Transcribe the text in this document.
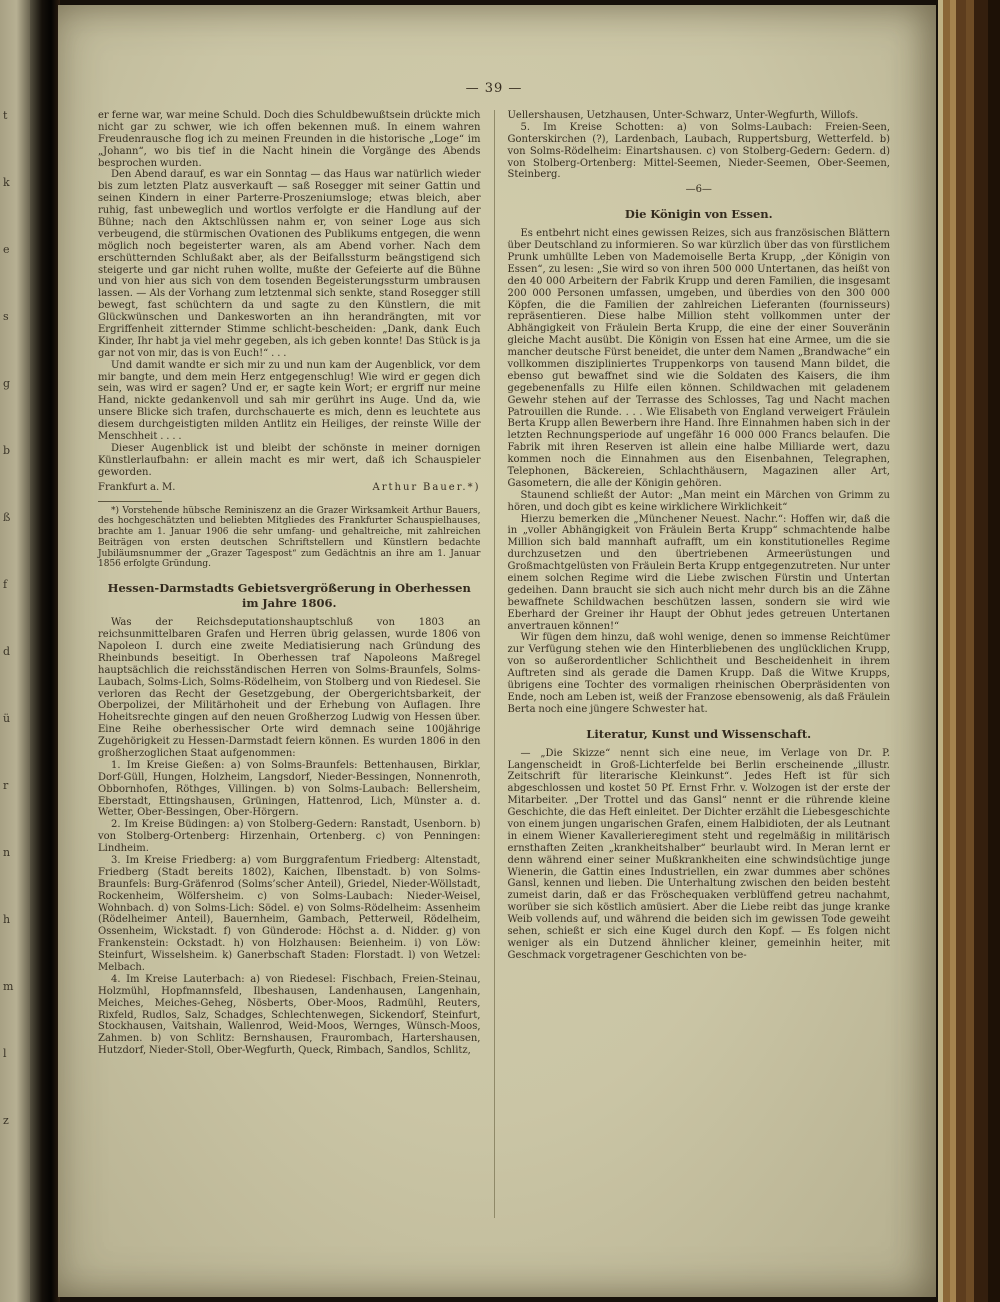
t
k
e
s
g
b
ß
f
d
ü
r
n
h
m
l
z
— 39 —

er ferne war, war meine Schuld. Doch dies Schuldbewußtsein drückte mich nicht gar zu schwer, wie ich offen bekennen muß. In einem wahren Freudenrausche flog ich zu meinen Freunden in die historische „Loge“ im „Johann“, wo bis tief in die Nacht hinein die Vorgänge des Abends besprochen wurden.

Den Abend darauf, es war ein Sonntag — das Haus war natürlich wieder bis zum letzten Platz ausverkauft — saß Rosegger mit seiner Gattin und seinen Kindern in einer Parterre-Proszeniumsloge; etwas bleich, aber ruhig, fast unbeweglich und wortlos verfolgte er die Handlung auf der Bühne; nach den Aktschlüssen nahm er, von seiner Loge aus sich verbeugend, die stürmischen Ovationen des Publikums entgegen, die wenn möglich noch begeisterter waren, als am Abend vorher. Nach dem erschütternden Schlußakt aber, als der Beifallssturm beängstigend sich steigerte und gar nicht ruhen wollte, mußte der Gefeierte auf die Bühne und von hier aus sich von dem tosenden Begeisterungssturm umbrausen lassen. — Als der Vorhang zum letztenmal sich senkte, stand Rosegger still bewegt, fast schüchtern da und sagte zu den Künstlern, die mit Glückwünschen und Dankesworten an ihn herandrängten, mit vor Ergriffenheit zitternder Stimme schlicht-bescheiden: „Dank, dank Euch Kinder, Ihr habt ja viel mehr gegeben, als ich geben konnte! Das Stück is ja gar not von mir, das is von Euch!“ . . .

Und damit wandte er sich mir zu und nun kam der Augenblick, vor dem mir bangte, und dem mein Herz entgegenschlug! Wie wird er gegen dich sein, was wird er sagen? Und er, er sagte kein Wort; er ergriff nur meine Hand, nickte gedankenvoll und sah mir gerührt ins Auge. Und da, wie unsere Blicke sich trafen, durchschauerte es mich, denn es leuchtete aus diesem durchgeistigten milden Antlitz ein Heiliges, der reinste Wille der Menschheit . . . .

Dieser Augenblick ist und bleibt der schönste in meiner dornigen Künstlerlaufbahn: er allein macht es mir wert, daß ich Schauspieler geworden.

Frankfurt a. M.	Arthur Bauer.*)
*) Vorstehende hübsche Reminiszenz an die Grazer Wirksamkeit Arthur Bauers, des hochgeschätzten und beliebten Mitgliedes des Frankfurter Schauspielhauses, brachte am 1. Januar 1906 die sehr umfang- und gehaltreiche, mit zahlreichen Beiträgen von ersten deutschen Schriftstellern und Künstlern bedachte Jubiläumsnummer der „Grazer Tagespost“ zum Gedächtnis an ihre am 1. Januar 1856 erfolgte Gründung.
Hessen-Darmstadts Gebietsvergrößerung in Oberhessen
im Jahre 1806.

Was der Reichsdeputationshauptschluß von 1803 an reichsunmittelbaren Grafen und Herren übrig gelassen, wurde 1806 von Napoleon I. durch eine zweite Mediatisierung nach Gründung des Rheinbunds beseitigt. In Oberhessen traf Napoleons Maßregel hauptsächlich die reichsständischen Herren von Solms-Braunfels, Solms-Laubach, Solms-Lich, Solms-Rödelheim, von Stolberg und von Riedesel. Sie verloren das Recht der Gesetzgebung, der Obergerichtsbarkeit, der Oberpolizei, der Militärhoheit und der Erhebung von Auflagen. Ihre Hoheitsrechte gingen auf den neuen Großherzog Ludwig von Hessen über. Eine Reihe oberhessischer Orte wird demnach seine 100jährige Zugehörigkeit zu Hessen-Darmstadt feiern können. Es wurden 1806 in den großherzoglichen Staat aufgenommen:

1. Im Kreise Gießen: a) von Solms-Braunfels: Bettenhausen, Birklar, Dorf-Güll, Hungen, Holzheim, Langsdorf, Nieder-Bessingen, Nonnenroth, Obbornhofen, Röthges, Villingen. b) von Solms-Laubach: Bellersheim, Eberstadt, Ettingshausen, Grüningen, Hattenrod, Lich, Münster a. d. Wetter, Ober-Bessingen, Ober-Hörgern.

2. Im Kreise Büdingen: a) von Stolberg-Gedern: Ranstadt, Usenborn. b) von Stolberg-Ortenberg: Hirzenhain, Ortenberg. c) von Penningen: Lindheim.

3. Im Kreise Friedberg: a) vom Burggrafentum Friedberg: Altenstadt, Friedberg (Stadt bereits 1802), Kaichen, Ilbenstadt. b) von Solms-Braunfels: Burg-Gräfenrod (Solms’scher Anteil), Griedel, Nieder-Wöllstadt, Rockenheim, Wölfersheim. c) von Solms-Laubach: Nieder-Weisel, Wohnbach. d) von Solms-Lich: Södel. e) von Solms-Rödelheim: Assenheim (Rödelheimer Anteil), Bauernheim, Gambach, Petterweil, Rödelheim, Ossenheim, Wickstadt. f) von Günderode: Höchst a. d. Nidder. g) von Frankenstein: Ockstadt. h) von Holzhausen: Beienheim. i) von Löw: Steinfurt, Wisselsheim. k) Ganerbschaft Staden: Florstadt. l) von Wetzel: Melbach.

4. Im Kreise Lauterbach: a) von Riedesel: Fischbach, Freien-Steinau, Holzmühl, Hopfmannsfeld, Ilbeshausen, Landenhausen, Langenhain, Meiches, Meiches-Geheg, Nösberts, Ober-Moos, Radmühl, Reuters, Rixfeld, Rudlos, Salz, Schadges, Schlechtenwegen, Sickendorf, Steinfurt, Stockhausen, Vaitshain, Wallenrod, Weid-Moos, Wernges, Wünsch-Moos, Zahmen. b) von Schlitz: Bernshausen, Fraurombach, Hartershausen, Hutzdorf, Nieder-Stoll, Ober-Wegfurth, Queck, Rimbach, Sandlos, Schlitz,

Uellershausen, Uetzhausen, Unter-Schwarz, Unter-Wegfurth, Willofs.

5. Im Kreise Schotten: a) von Solms-Laubach: Freien-Seen, Gonterskirchen (?), Lardenbach, Laubach, Ruppertsburg, Wetterfeld. b) von Solms-Rödelheim: Einartshausen. c) von Stolberg-Gedern: Gedern. d) von Stolberg-Ortenberg: Mittel-Seemen, Nieder-Seemen, Ober-Seemen, Steinberg.

—6—
Die Königin von Essen.

Es entbehrt nicht eines gewissen Reizes, sich aus französischen Blättern über Deutschland zu informieren. So war kürzlich über das von fürstlichem Prunk umhüllte Leben von Mademoiselle Berta Krupp, „der Königin von Essen“, zu lesen: „Sie wird so von ihren 500 000 Untertanen, das heißt von den 40 000 Arbeitern der Fabrik Krupp und deren Familien, die insgesamt 200 000 Personen umfassen, umgeben, und überdies von den 300 000 Köpfen, die die Familien der zahlreichen Lieferanten (fournisseurs) repräsentieren. Diese halbe Million steht vollkommen unter der Abhängigkeit von Fräulein Berta Krupp, die eine der einer Souveränin gleiche Macht ausübt. Die Königin von Essen hat eine Armee, um die sie mancher deutsche Fürst beneidet, die unter dem Namen „Brandwache“ ein vollkommen diszipliniertes Truppenkorps von tausend Mann bildet, die ebenso gut bewaffnet sind wie die Soldaten des Kaisers, die ihm gegebenenfalls zu Hilfe eilen können. Schildwachen mit geladenem Gewehr stehen auf der Terrasse des Schlosses, Tag und Nacht machen Patrouillen die Runde. . . . Wie Elisabeth von England verweigert Fräulein Berta Krupp allen Bewerbern ihre Hand. Ihre Einnahmen haben sich in der letzten Rechnungsperiode auf ungefähr 16 000 000 Francs belaufen. Die Fabrik mit ihren Reserven ist allein eine halbe Milliarde wert, dazu kommen noch die Einnahmen aus den Eisenbahnen, Telegraphen, Telephonen, Bäckereien, Schlachthäusern, Magazinen aller Art, Gasometern, die alle der Königin gehören.

Staunend schließt der Autor: „Man meint ein Märchen von Grimm zu hören, und doch gibt es keine wirklichere Wirklichkeit“

Hierzu bemerken die „Münchener Neuest. Nachr.“: Hoffen wir, daß die in „voller Abhängigkeit von Fräulein Berta Krupp“ schmachtende halbe Million sich bald mannhaft aufrafft, um ein konstitutionelles Regime durchzusetzen und den übertriebenen Armeerüstungen und Großmachtgelüsten von Fräulein Berta Krupp entgegenzutreten. Nur unter einem solchen Regime wird die Liebe zwischen Fürstin und Untertan gedeihen. Dann braucht sie sich auch nicht mehr durch bis an die Zähne bewaffnete Schildwachen beschützen lassen, sondern sie wird wie Eberhard der Greiner ihr Haupt der Obhut jedes getreuen Untertanen anvertrauen können!“

Wir fügen dem hinzu, daß wohl wenige, denen so immense Reichtümer zur Verfügung stehen wie den Hinterbliebenen des unglücklichen Krupp, von so außerordentlicher Schlichtheit und Bescheidenheit in ihrem Auftreten sind als gerade die Damen Krupp. Daß die Witwe Krupps, übrigens eine Tochter des vormaligen rheinischen Oberpräsidenten von Ende, noch am Leben ist, weiß der Franzose ebensowenig, als daß Fräulein Berta noch eine jüngere Schwester hat.

Literatur, Kunst und Wissenschaft.

— „Die Skizze“ nennt sich eine neue, im Verlage von Dr. P. Langenscheidt in Groß-Lichterfelde bei Berlin erscheinende „illustr. Zeitschrift für literarische Kleinkunst“. Jedes Heft ist für sich abgeschlossen und kostet 50 Pf. Ernst Frhr. v. Wolzogen ist der erste der Mitarbeiter. „Der Trottel und das Gansl“ nennt er die rührende kleine Geschichte, die das Heft einleitet. Der Dichter erzählt die Liebesgeschichte von einem jungen ungarischen Grafen, einem Halbidioten, der als Leutnant in einem Wiener Kavallerieregiment steht und regelmäßig in militärisch ernsthaften Zeiten „krankheitshalber“ beurlaubt wird. In Meran lernt er denn während einer seiner Mußkrankheiten eine schwindsüchtige junge Wienerin, die Gattin eines Industriellen, ein zwar dummes aber schönes Gansl, kennen und lieben. Die Unterhaltung zwischen den beiden besteht zumeist darin, daß er das Fröschequaken verblüffend getreu nachahmt, worüber sie sich köstlich amüsiert. Aber die Liebe reibt das junge kranke Weib vollends auf, und während die beiden sich im gewissen Tode geweiht sehen, schießt er sich eine Kugel durch den Kopf. — Es folgen nicht weniger als ein Dutzend ähnlicher kleiner, gemeinhin heiter, mit Geschmack vorgetragener Geschichten von be-
